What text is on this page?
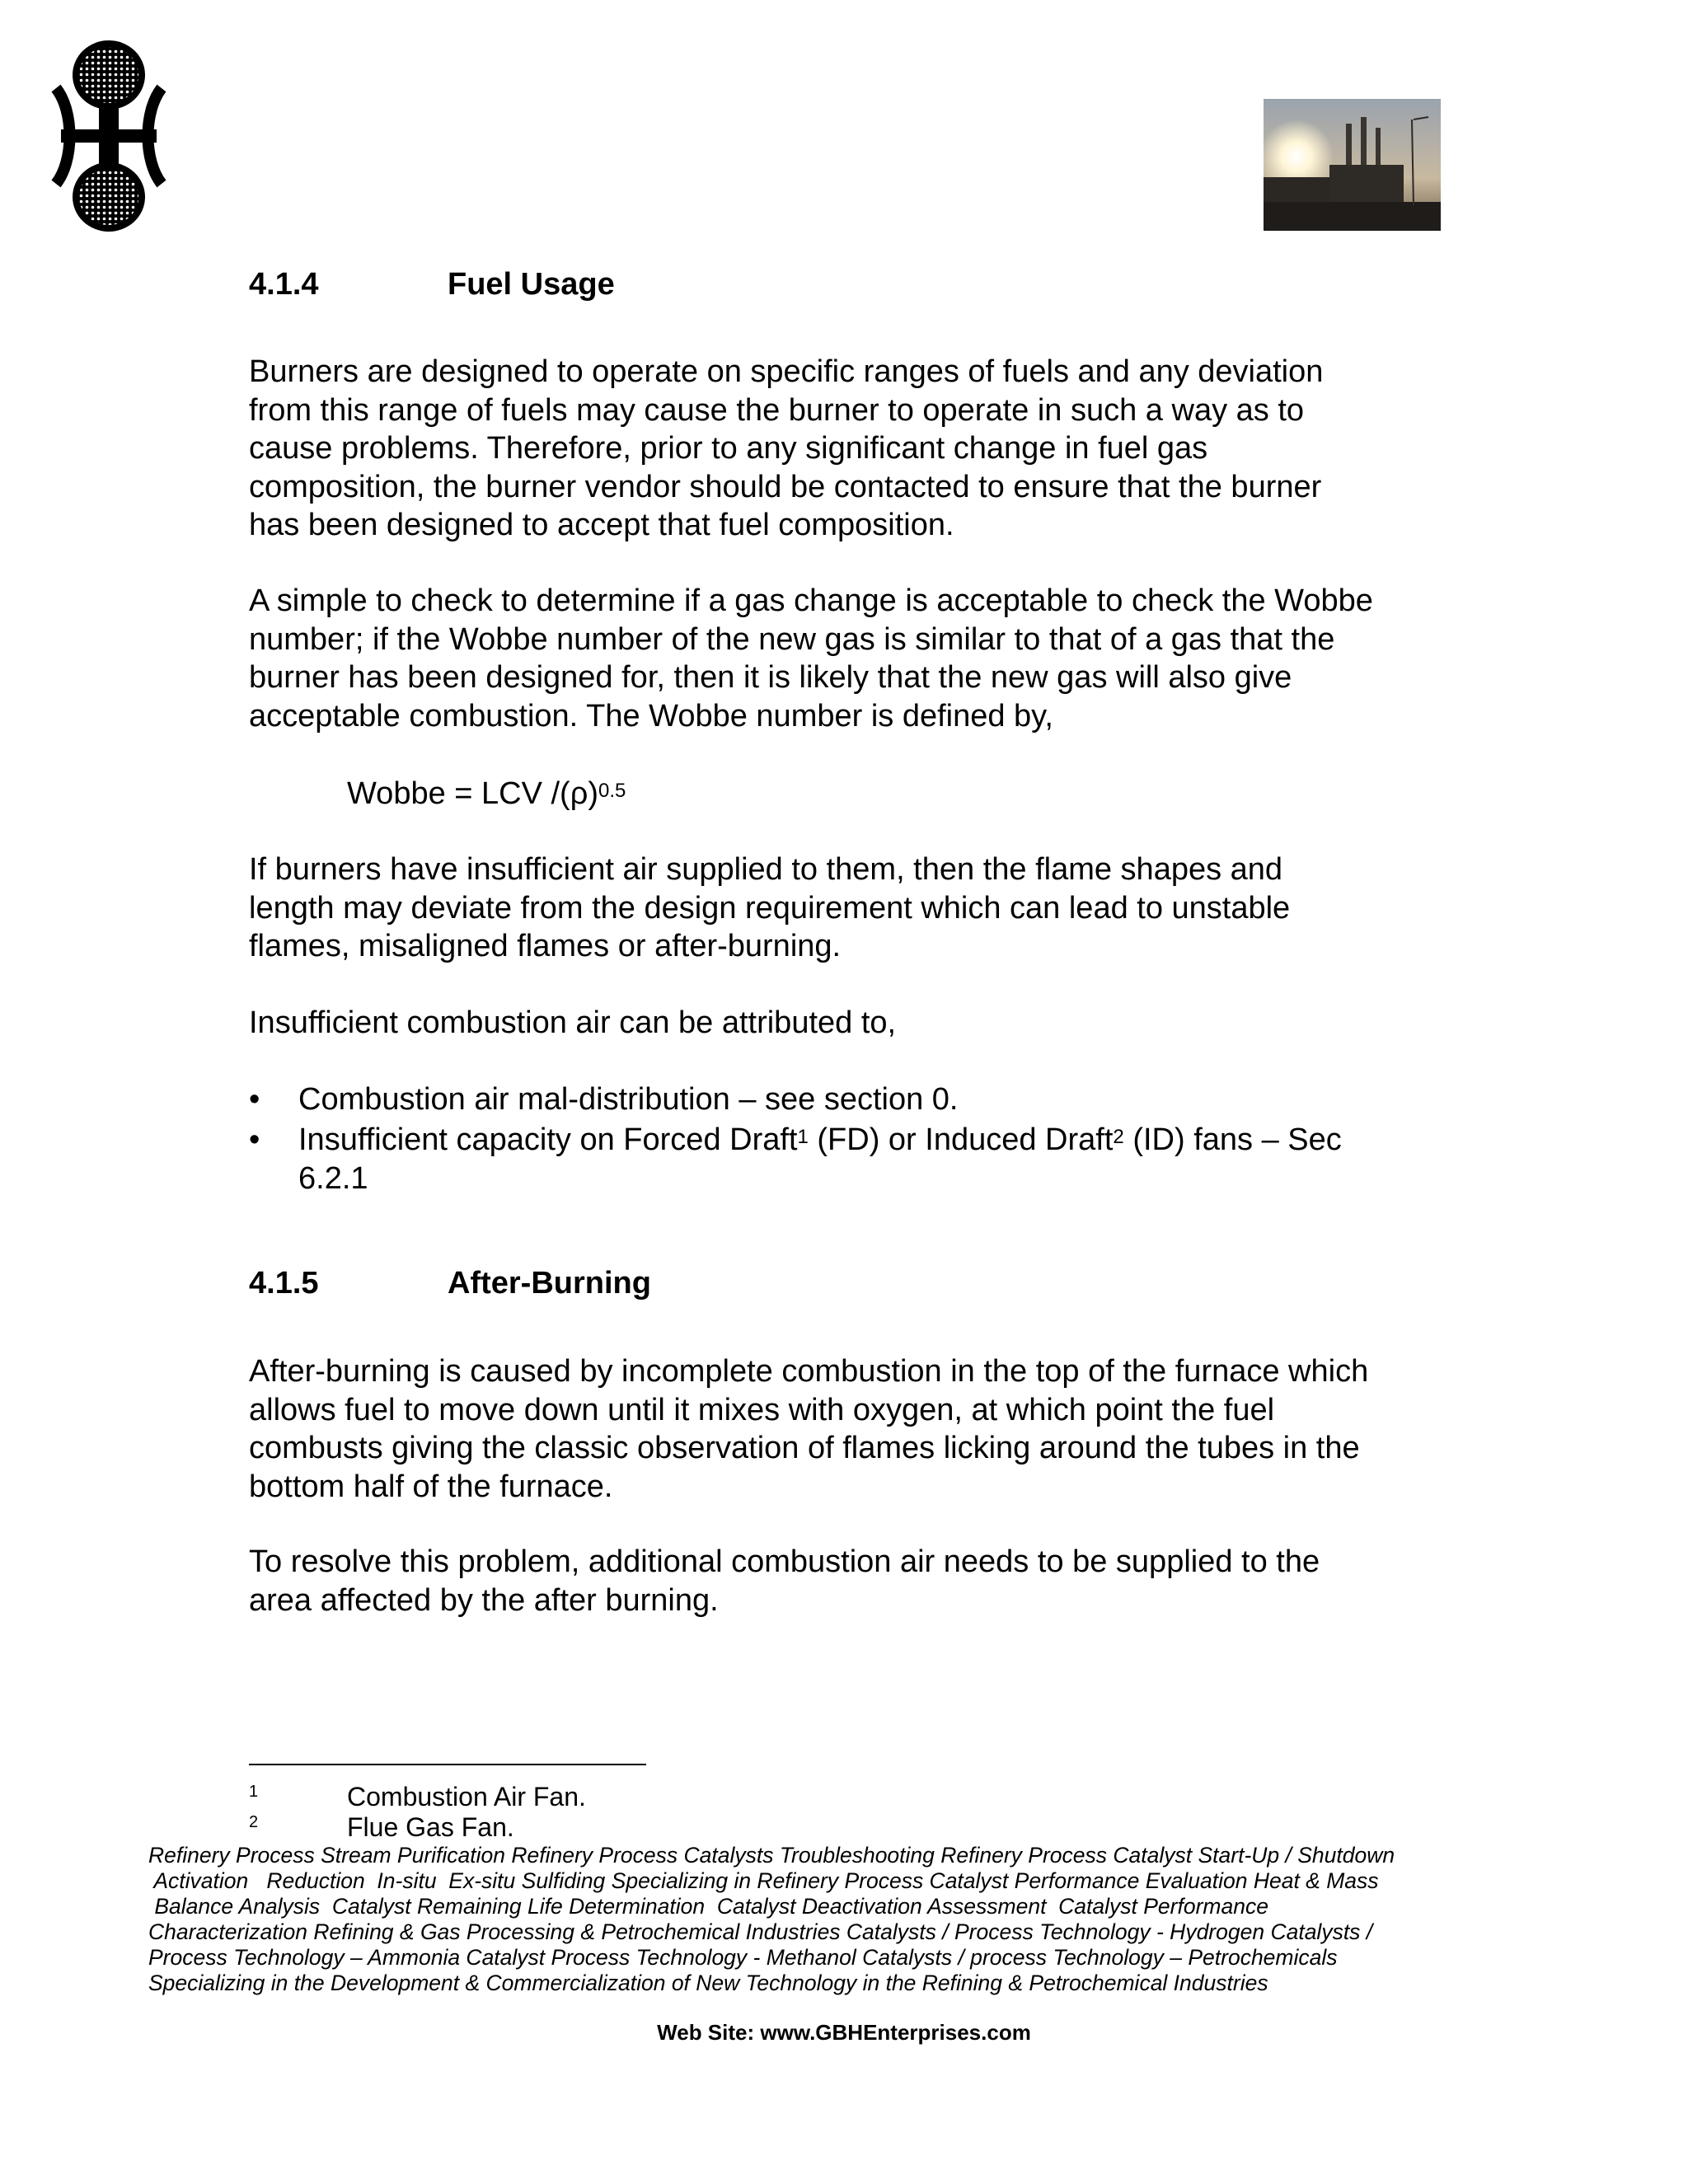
4.1.4	Fuel Usage
Burners are designed to operate on specific ranges of fuels and any deviation
from this range of fuels may cause the burner to operate in such a way as to
cause problems. Therefore, prior to any significant change in fuel gas
composition, the burner vendor should be contacted to ensure that the burner
has been designed to accept that fuel composition.
A simple to check to determine if a gas change is acceptable to check the Wobbe
number; if the Wobbe number of the new gas is similar to that of a gas that the
burner has been designed for, then it is likely that the new gas will also give
acceptable combustion. The Wobbe number is defined by,
Wobbe = LCV $/(\rho)^{0.5}$
If burners have insufficient air supplied to them, then the flame shapes and
length may deviate from the design requirement which can lead to unstable
flames, misaligned flames or after-burning.
Insufficient combustion air can be attributed to,
•	Combustion air mal-distribution – see section 0.
•	Insufficient capacity on Forced Draft$^1$ (FD) or Induced Draft$^2$ (ID) fans – Sec
6.2.1
4.1.5	After-Burning
After-burning is caused by incomplete combustion in the top of the furnace which
allows fuel to move down until it mixes with oxygen, at which point the fuel
combusts giving the classic observation of flames licking around the tubes in the
bottom half of the furnace.
To resolve this problem, additional combustion air needs to be supplied to the
area affected by the after burning.
1	Combustion Air Fan.
2	Flue Gas Fan.
Refinery Process Stream Purification Refinery Process Catalysts Troubleshooting Refinery Process Catalyst Start-Up / Shutdown
Activation   Reduction  In-situ  Ex-situ Sulfiding Specializing in Refinery Process Catalyst Performance Evaluation Heat & Mass
Balance Analysis  Catalyst Remaining Life Determination  Catalyst Deactivation Assessment  Catalyst Performance
Characterization Refining & Gas Processing & Petrochemical Industries Catalysts / Process Technology - Hydrogen Catalysts /
Process Technology – Ammonia Catalyst Process Technology - Methanol Catalysts / process Technology – Petrochemicals
Specializing in the Development & Commercialization of New Technology in the Refining & Petrochemical Industries
Web Site: www.GBHEnterprises.com
